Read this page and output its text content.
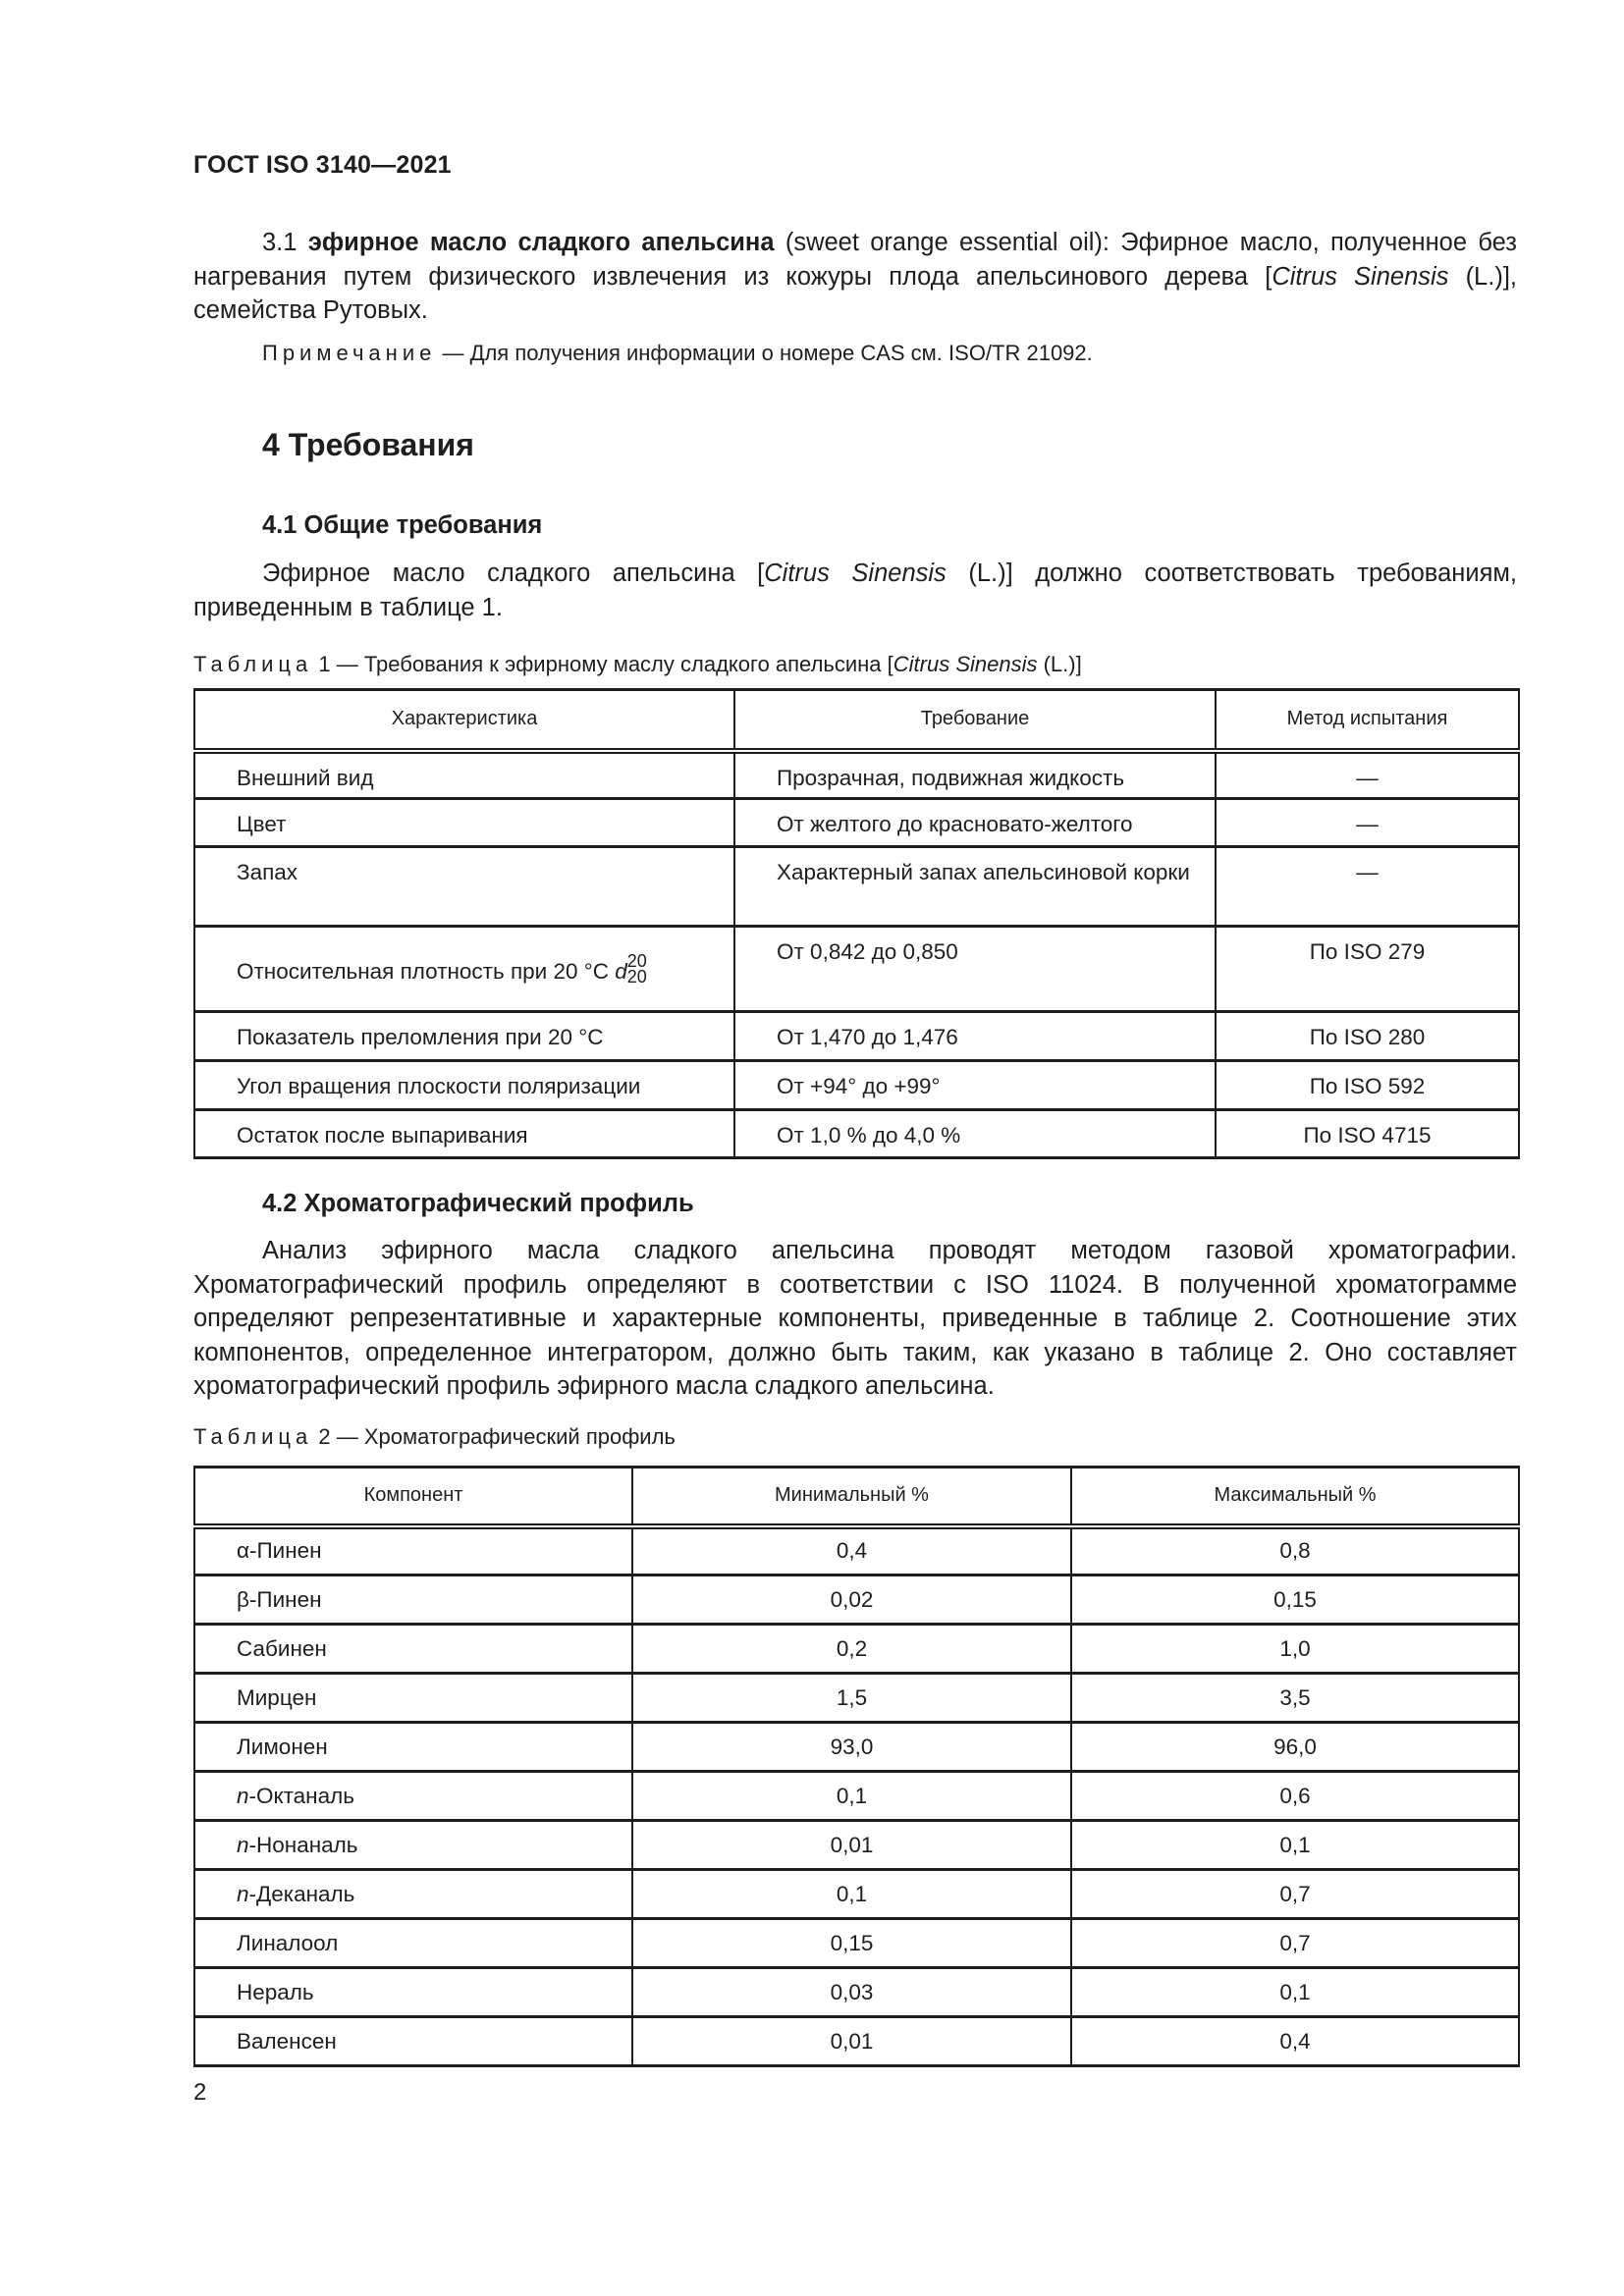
ГОСТ ISO 3140—2021
3.1 эфирное масло сладкого апельсина (sweet orange essential oil): Эфирное масло, полученное без нагревания путем физического извлечения из кожуры плода апельсинового дерева [Citrus Sinensis (L.)], семейства Рутовых.
Примечание — Для получения информации о номере CAS см. ISO/TR 21092.
4 Требования
4.1 Общие требования
Эфирное масло сладкого апельсина [Citrus Sinensis (L.)] должно соответствовать требованиям, приведенным в таблице 1.
Таблица 1 — Требования к эфирному маслу сладкого апельсина [Citrus Sinensis (L.)]
Характеристика	Требование	Метод испытания
Внешний вид	Прозрачная, подвижная жидкость	—
Цвет	От желтого до красновато-желтого	—
Запах	Характерный запах апельсиновой корки	—
Относительная плотность при 20 °С d $^{20 20}$	От 0,842 до 0,850	По ISO 279
Показатель преломления при 20 °С	От 1,470 до 1,476	По ISO 280
Угол вращения плоскости поляризации	От +94° до +99°	По ISO 592
Остаток после выпаривания	От 1,0 % до 4,0 %	По ISO 4715
4.2 Хроматографический профиль
Анализ эфирного масла сладкого апельсина проводят методом газовой хроматографии. Хроматографический профиль определяют в соответствии с ISO 11024. В полученной хроматограмме определяют репрезентативные и характерные компоненты, приведенные в таблице 2. Соотношение этих компонентов, определенное интегратором, должно быть таким, как указано в таблице 2. Оно составляет хроматографический профиль эфирного масла сладкого апельсина.
Таблица 2 — Хроматографический профиль
Компонент	Минимальный %	Максимальный %
α-Пинен	0,4	0,8
β-Пинен	0,02	0,15
Сабинен	0,2	1,0
Мирцен	1,5	3,5
Лимонен	93,0	96,0
n-Октаналь	0,1	0,6
n-Нонаналь	0,01	0,1
n-Деканаль	0,1	0,7
Линалоол	0,15	0,7
Нераль	0,03	0,1
Валенсен	0,01	0,4
2
